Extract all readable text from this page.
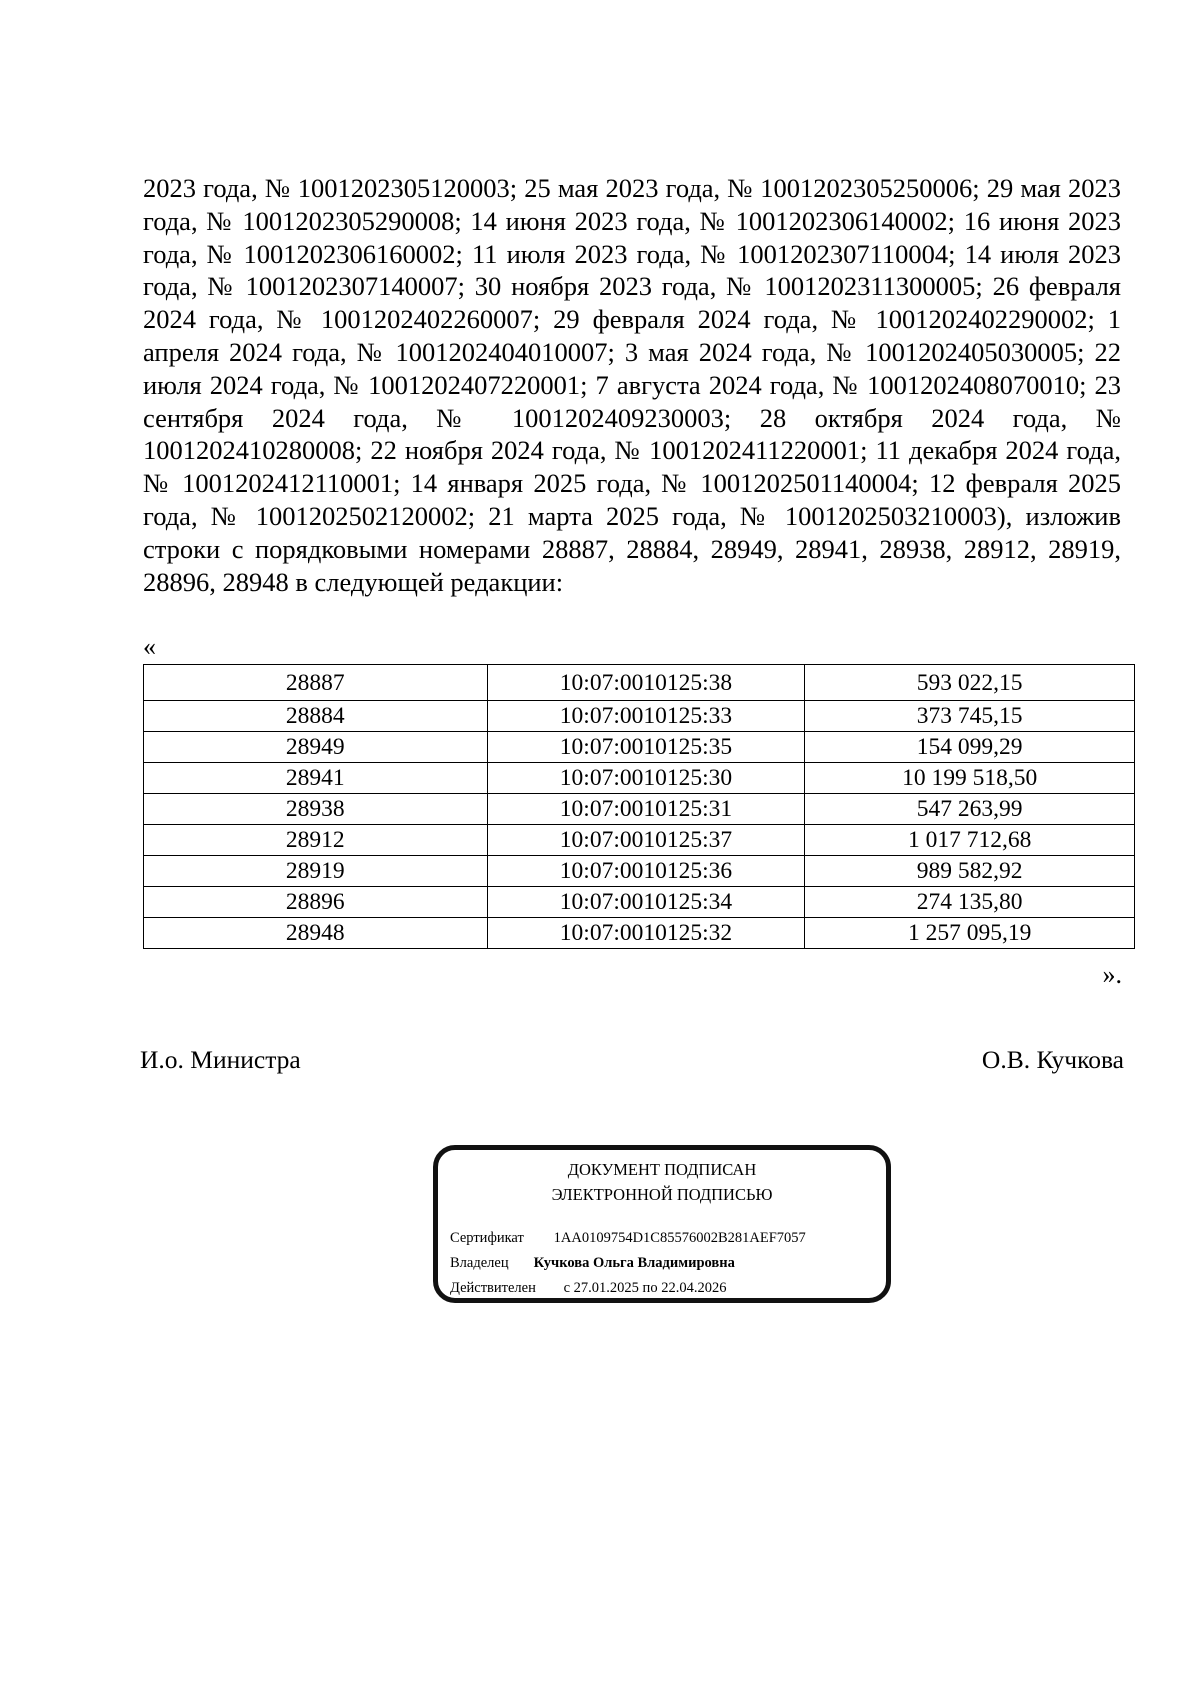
2023 года, № 1001202305120003; 25 мая 2023 года, № 1001202305250006; 29 мая 2023 года, № 1001202305290008; 14 июня 2023 года, № 1001202306140002; 16 июня 2023 года, № 1001202306160002; 11 июля 2023 года, № 1001202307110004; 14 июля 2023 года, № 1001202307140007; 30 ноября 2023 года, № 1001202311300005; 26 февраля 2024 года, № 1001202402260007; 29 февраля 2024 года, № 1001202402290002; 1 апреля 2024 года, № 1001202404010007; 3 мая 2024 года, № 1001202405030005; 22 июля 2024 года, № 1001202407220001; 7 августа 2024 года, № 1001202408070010; 23 сентября 2024 года, № 1001202409230003; 28 октября 2024 года, № 1001202410280008; 22 ноября 2024 года, № 1001202411220001; 11 декабря 2024 года, № 1001202412110001; 14 января 2025 года, № 1001202501140004; 12 февраля 2025 года, № 1001202502120002; 21 марта 2025 года, № 1001202503210003), изложив строки с порядковыми номерами 28887, 28884, 28949, 28941, 28938, 28912, 28919, 28896, 28948 в следующей редакции:

«
28887	10:07:0010125:38	593 022,15
28884	10:07:0010125:33	373 745,15
28949	10:07:0010125:35	154 099,29
28941	10:07:0010125:30	10 199 518,50
28938	10:07:0010125:31	547 263,99
28912	10:07:0010125:37	1 017 712,68
28919	10:07:0010125:36	989 582,92
28896	10:07:0010125:34	274 135,80
28948	10:07:0010125:32	1 257 095,19
».
И.о. Министра	О.В. Кучкова
ДОКУМЕНТ ПОДПИСАН
ЭЛЕКТРОННОЙ ПОДПИСЬЮ
Сертификат 1AA0109754D1C85576002B281AEF7057
Владелец Кучкова Ольга Владимировна
Действителен с 27.01.2025 по 22.04.2026
